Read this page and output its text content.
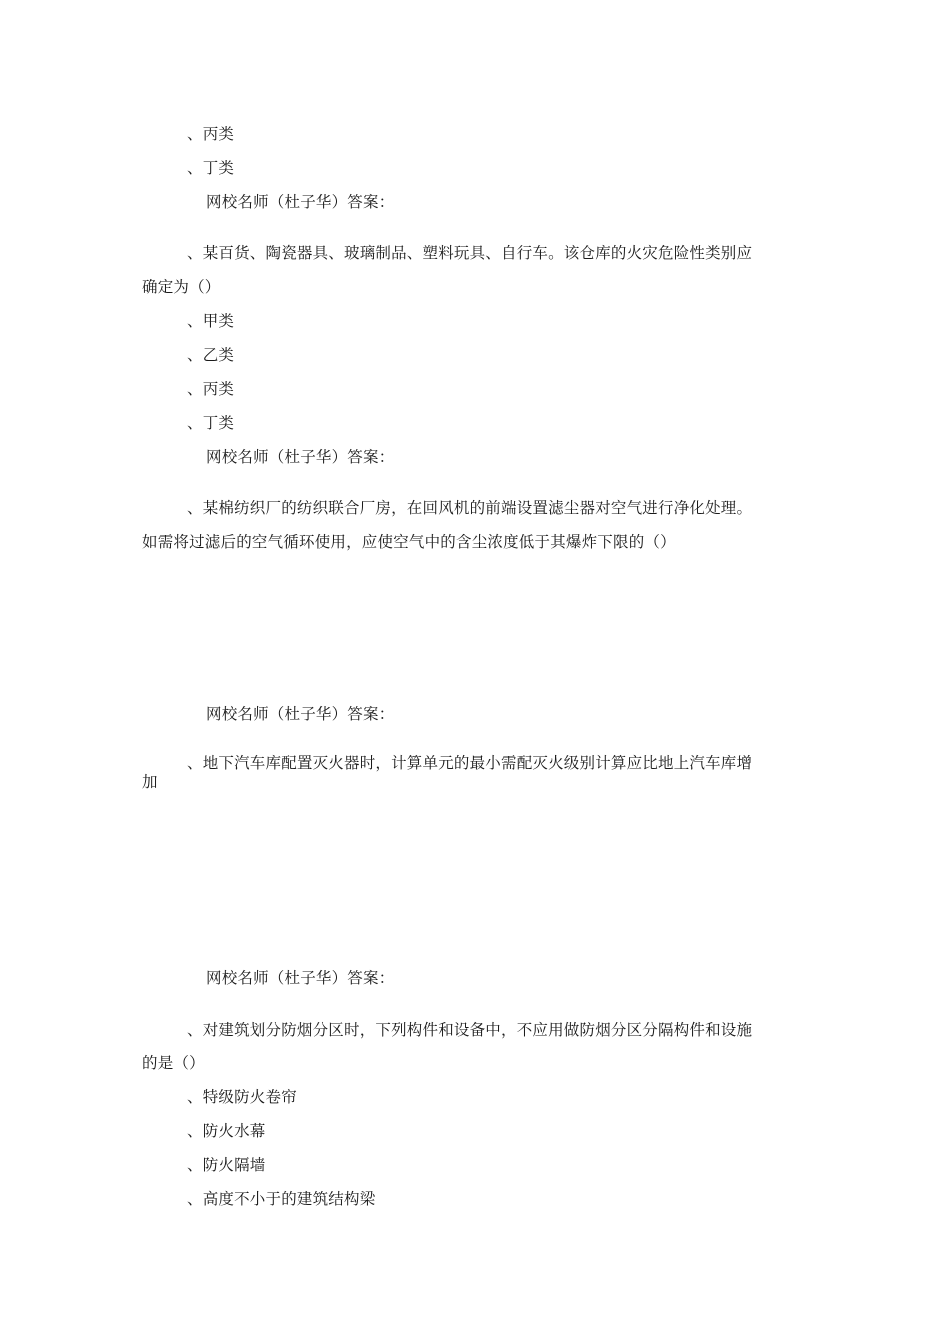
、丙类
、丁类
网校名师（杜子华）答案：
、某百货、陶瓷器具、玻璃制品、塑料玩具、自行车。该仓库的火灾危险性类别应
确定为（）
、甲类
、乙类
、丙类
、丁类
网校名师（杜子华）答案：
、某棉纺织厂的纺织联合厂房，在回风机的前端设置滤尘器对空气进行净化处理。
如需将过滤后的空气循环使用，应使空气中的含尘浓度低于其爆炸下限的（）
网校名师（杜子华）答案：
、地下汽车库配置灭火器时，计算单元的最小需配灭火级别计算应比地上汽车库增
加
网校名师（杜子华）答案：
、对建筑划分防烟分区时，下列构件和设备中，不应用做防烟分区分隔构件和设施
的是（）
、特级防火卷帘
、防火水幕
、防火隔墙
、高度不小于的建筑结构梁
